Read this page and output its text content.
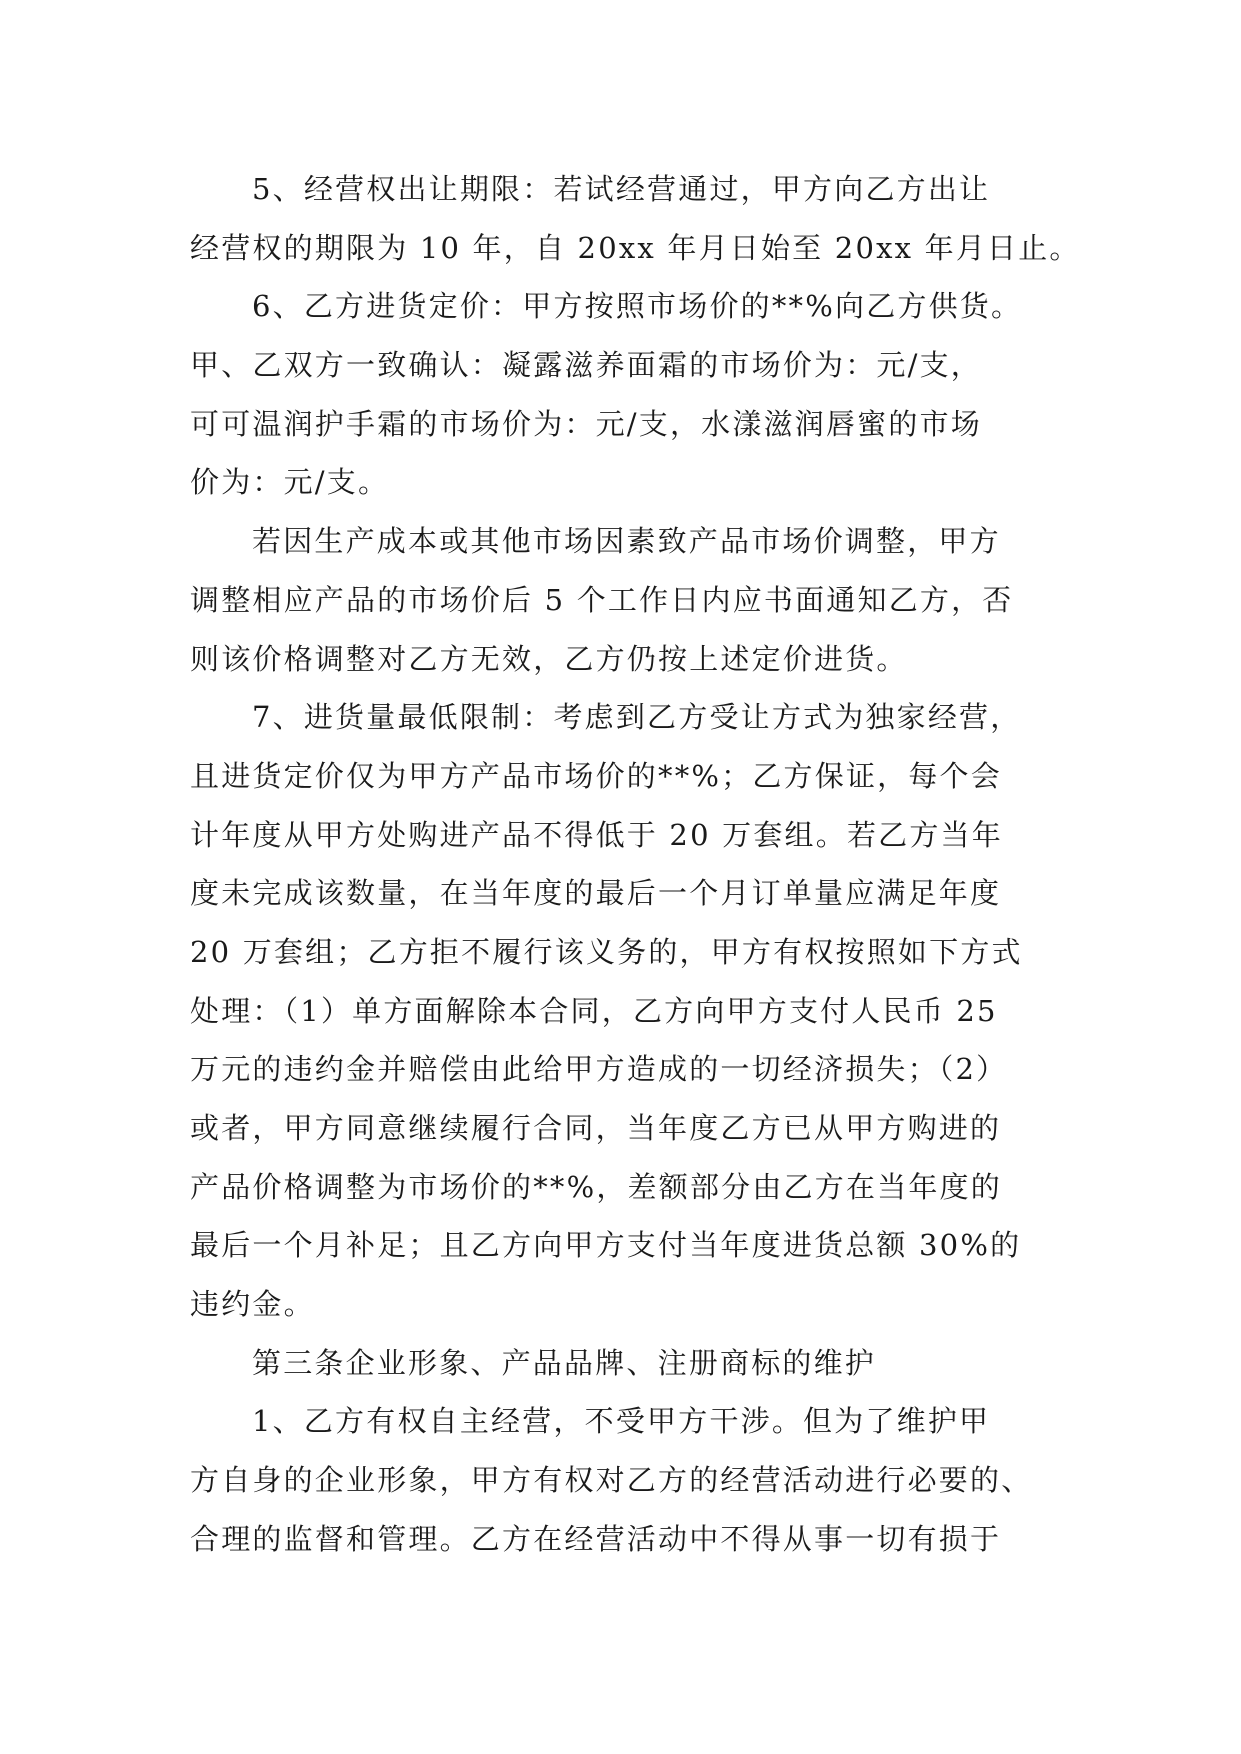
5、经营权出让期限：若试经营通过，甲方向乙方出让
经营权的期限为 10 年，自 20xx 年月日始至 20xx 年月日止。

6、乙方进货定价：甲方按照市场价的**%向乙方供货。
甲、乙双方一致确认：凝露滋养面霜的市场价为：元/支，
可可温润护手霜的市场价为：元/支，水漾滋润唇蜜的市场
价为：元/支。

若因生产成本或其他市场因素致产品市场价调整，甲方
调整相应产品的市场价后 5 个工作日内应书面通知乙方，否
则该价格调整对乙方无效，乙方仍按上述定价进货。

7、进货量最低限制：考虑到乙方受让方式为独家经营，
且进货定价仅为甲方产品市场价的**%；乙方保证，每个会
计年度从甲方处购进产品不得低于 20 万套组。若乙方当年
度未完成该数量，在当年度的最后一个月订单量应满足年度
20 万套组；乙方拒不履行该义务的，甲方有权按照如下方式
处理：（1）单方面解除本合同，乙方向甲方支付人民币 25
万元的违约金并赔偿由此给甲方造成的一切经济损失；（2）
或者，甲方同意继续履行合同，当年度乙方已从甲方购进的
产品价格调整为市场价的**%，差额部分由乙方在当年度的
最后一个月补足；且乙方向甲方支付当年度进货总额 30%的
违约金。

第三条企业形象、产品品牌、注册商标的维护

1、乙方有权自主经营，不受甲方干涉。但为了维护甲
方自身的企业形象，甲方有权对乙方的经营活动进行必要的、
合理的监督和管理。乙方在经营活动中不得从事一切有损于
